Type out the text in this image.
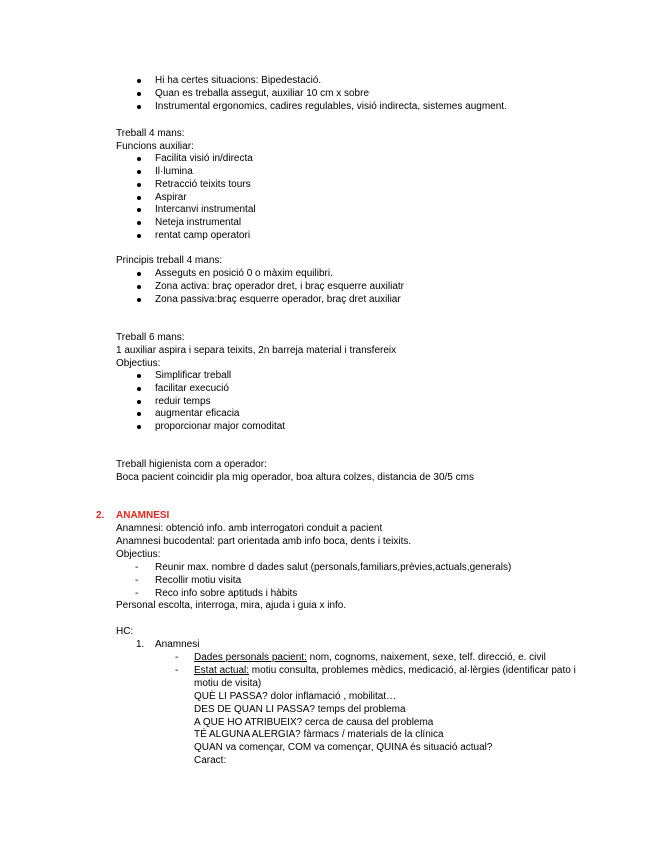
Hi ha certes situacions: Bipedestació.
Quan es treballa assegut, auxiliar 10 cm x sobre
Instrumental ergonomics, cadires regulables, visió indirecta, sistemes augment.
Treball 4 mans:
Funcions auxiliar:
Facilita visió in/directa
Il·lumina
Retracció teixits tours
Aspirar
Intercanvi instrumental
Neteja instrumental
rentat camp operatori
Principis treball 4 mans:
Asseguts en posició 0 o màxim equilibri.
Zona activa: braç operador dret, i braç esquerre auxiliatr
Zona passiva:braç esquerre operador, braç dret auxiliar
Treball 6 mans:
1 auxiliar aspira i separa teixits, 2n barreja material i transfereix
Objectius:
Simplificar treball
facilitar execució
reduir temps
augmentar eficacia
proporcionar major comoditat
Treball higienista com a operador:
Boca pacient coincidir pla mig operador, boa altura colzes, distancia de 30/5 cms
2. ANAMNESI
Anamnesi: obtenció info. amb interrogatori conduit a pacient
Anamnesi bucodental: part orientada amb info boca, dents i teixits.
Objectius:
- Reunir max. nombre d dades salut (personals,familiars,prèvies,actuals,generals)
- Recollir motiu visita
- Reco info sobre aptituds i hàbits
Personal escolta, interroga, mira, ajuda i guia x info.
HC:
1. Anamnesi
- Dades personals pacient: nom, cognoms, naixement, sexe, telf. direcció, e. civil
- Estat actual: motiu consulta, problemes mèdics, medicació, al·lèrgies (identificar pato i
motiu de visita)
QUÈ LI PASSA? dolor inflamació , mobilitat…
DES DE QUAN LI PASSA? temps del problema
A QUE HO ATRIBUEIX? cerca de causa del problema
TÉ ALGUNA ALERGIA? fàrmacs / materials de la clínica
QUAN va començar, COM va començar, QUINA és situació actual?
Caract:
